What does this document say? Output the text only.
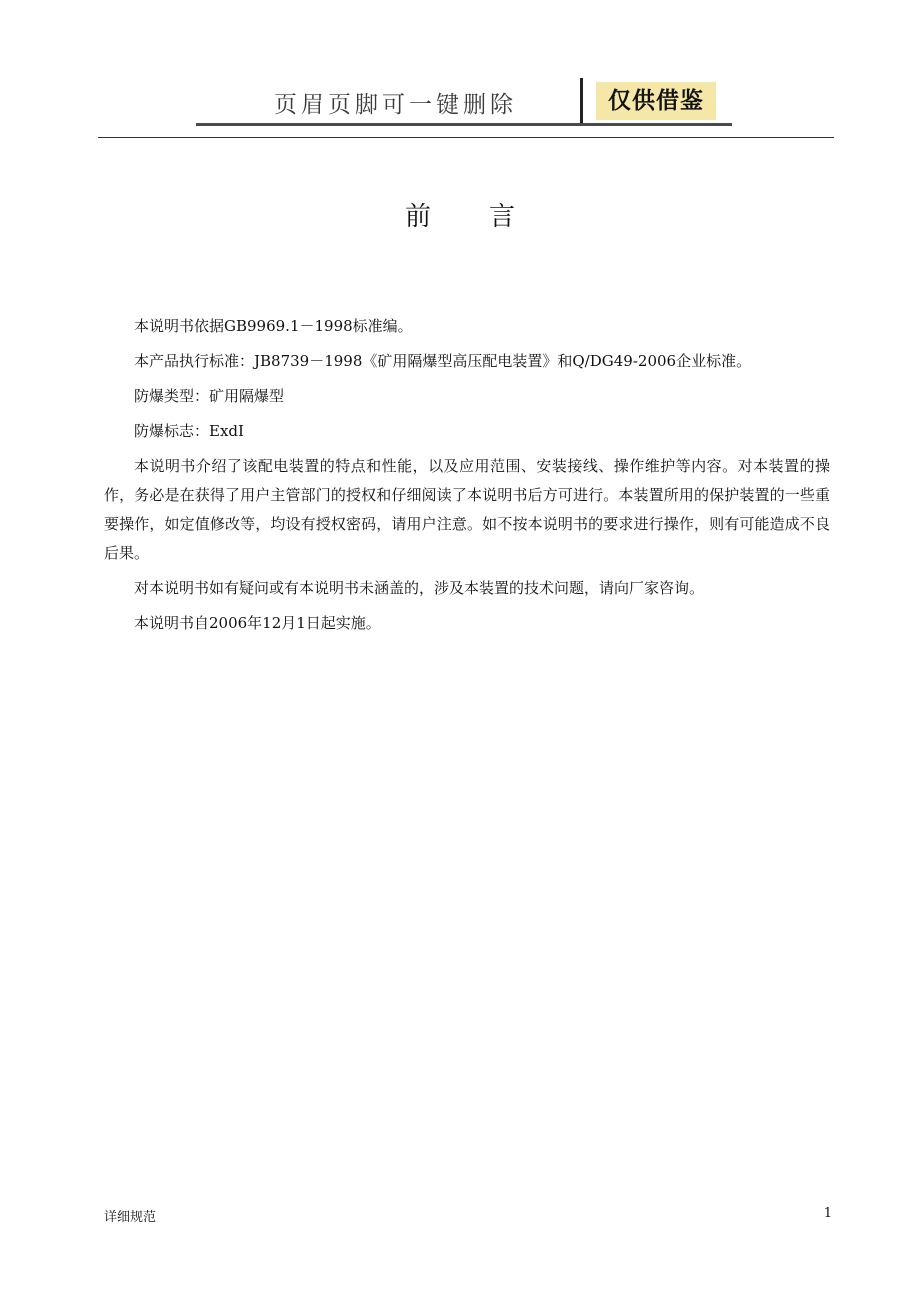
页眉页脚可一键删除	仅供借鉴
前言

本说明书依据GB9969.1－1998标准编。

本产品执行标准：JB8739－1998《矿用隔爆型高压配电装置》和Q/DG49-2006企业标准。

防爆类型：矿用隔爆型

防爆标志：ExdI

本说明书介绍了该配电装置的特点和性能，以及应用范围、安装接线、操作维护等内容。对本装置的操作，务必是在获得了用户主管部门的授权和仔细阅读了本说明书后方可进行。本装置所用的保护装置的一些重要操作，如定值修改等，均设有授权密码，请用户注意。如不按本说明书的要求进行操作，则有可能造成不良后果。

对本说明书如有疑问或有本说明书未涵盖的，涉及本装置的技术问题，请向厂家咨询。

本说明书自2006年12月1日起实施。

详细规范	1
